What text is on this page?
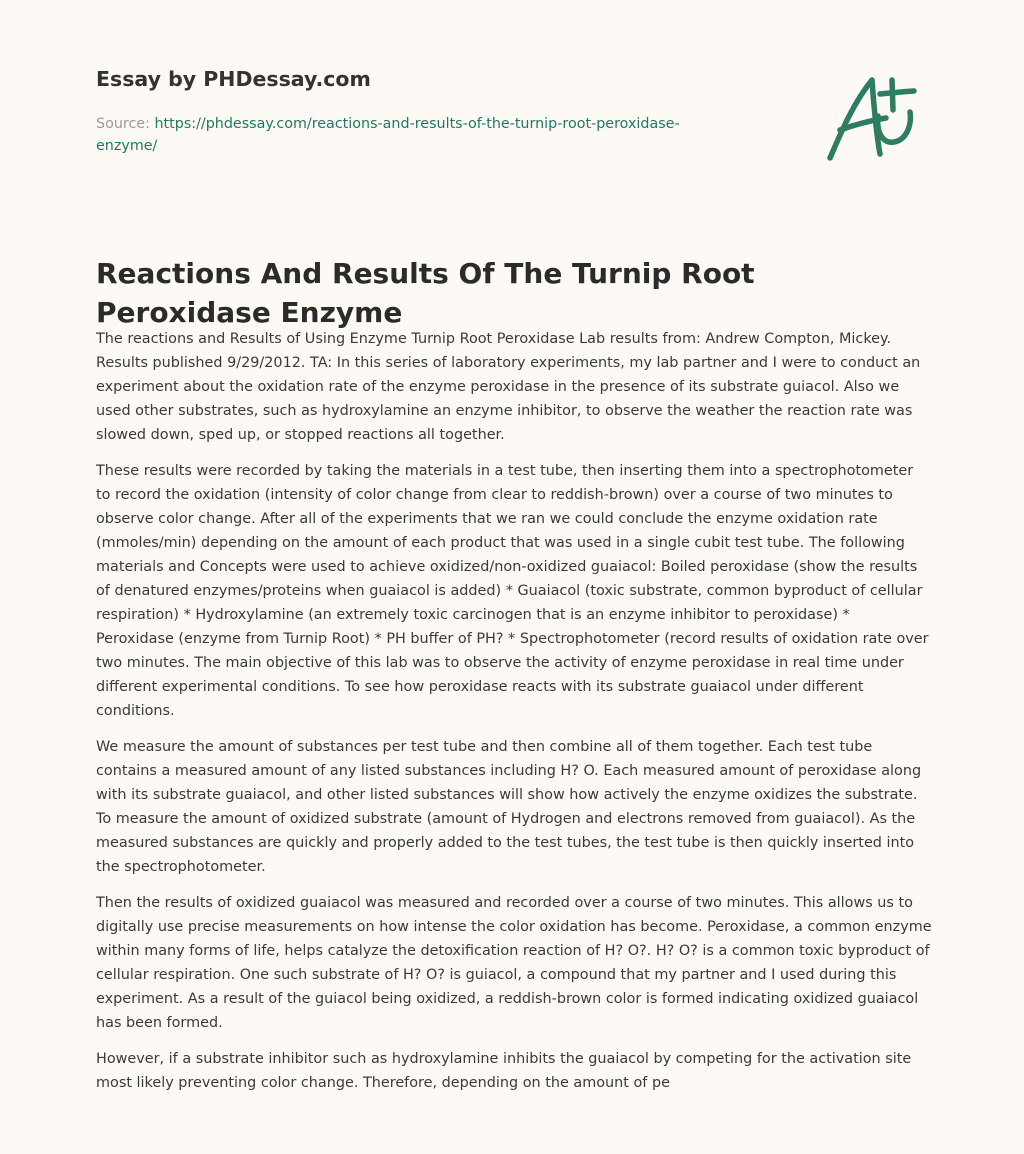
Essay by PHDessay.com
Source: https://phdessay.com/reactions-and-results-of-the-turnip-root-peroxidase-enzyme/
Reactions And Results Of The Turnip Root Peroxidase Enzyme

The reactions and Results of Using Enzyme Turnip Root Peroxidase Lab results from: Andrew Compton, Mickey. Results published 9/29/2012. TA: In this series of laboratory experiments, my lab partner and I were to conduct an experiment about the oxidation rate of the enzyme peroxidase in the presence of its substrate guiacol. Also we used other substrates, such as hydroxylamine an enzyme inhibitor, to observe the weather the reaction rate was slowed down, sped up, or stopped reactions all together.

These results were recorded by taking the materials in a test tube, then inserting them into a spectrophotometer to record the oxidation (intensity of color change from clear to reddish-brown) over a course of two minutes to observe color change. After all of the experiments that we ran we could conclude the enzyme oxidation rate (mmoles/min) depending on the amount of each product that was used in a single cubit test tube. The following materials and Concepts were used to achieve oxidized/non-oxidized guaiacol: Boiled peroxidase (show the results of denatured enzymes/proteins when guaiacol is added) * Guaiacol (toxic substrate, common byproduct of cellular respiration) * Hydroxylamine (an extremely toxic carcinogen that is an enzyme inhibitor to peroxidase) * Peroxidase (enzyme from Turnip Root) * PH buffer of PH? * Spectrophotometer (record results of oxidation rate over two minutes. The main objective of this lab was to observe the activity of enzyme peroxidase in real time under different experimental conditions. To see how peroxidase reacts with its substrate guaiacol under different conditions.

We measure the amount of substances per test tube and then combine all of them together. Each test tube contains a measured amount of any listed substances including H? O. Each measured amount of peroxidase along with its substrate guaiacol, and other listed substances will show how actively the enzyme oxidizes the substrate. To measure the amount of oxidized substrate (amount of Hydrogen and electrons removed from guaiacol). As the measured substances are quickly and properly added to the test tubes, the test tube is then quickly inserted into the spectrophotometer.

Then the results of oxidized guaiacol was measured and recorded over a course of two minutes. This allows us to digitally use precise measurements on how intense the color oxidation has become. Peroxidase, a common enzyme within many forms of life, helps catalyze the detoxification reaction of H? O?. H? O? is a common toxic byproduct of cellular respiration. One such substrate of H? O? is guiacol, a compound that my partner and I used during this experiment. As a result of the guiacol being oxidized, a reddish-brown color is formed indicating oxidized guaiacol has been formed.

However, if a substrate inhibitor such as hydroxylamine inhibits the guaiacol by competing for the activation site most likely preventing color change. Therefore, depending on the amount of pe
